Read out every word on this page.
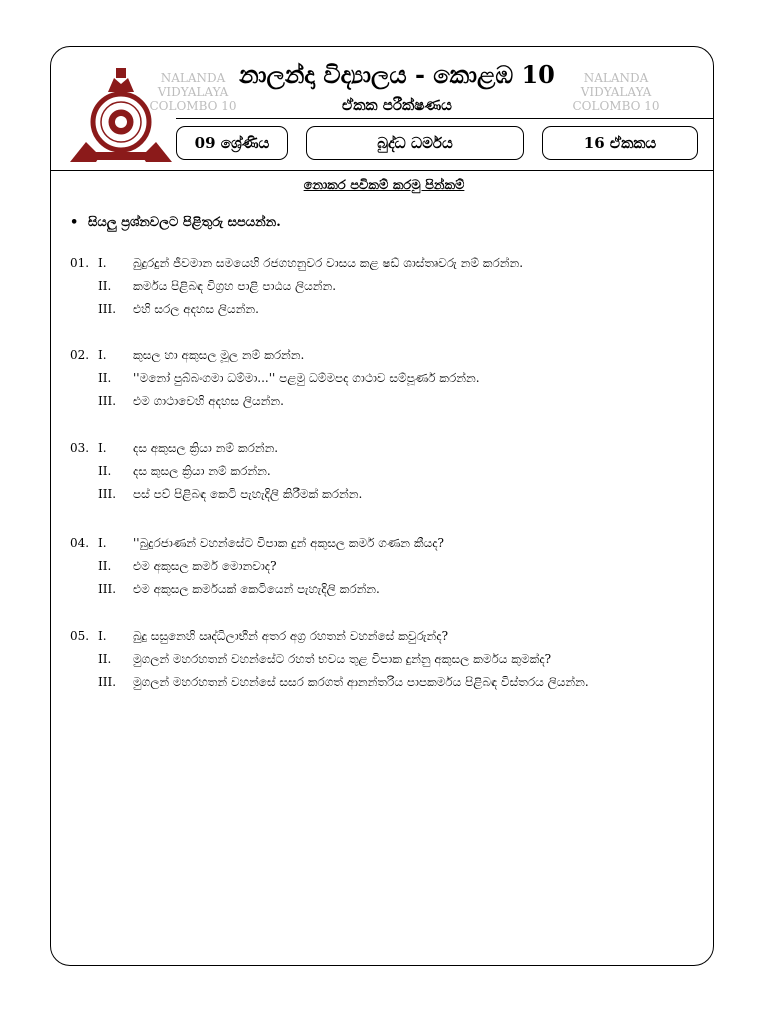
NALANDA
VIDYALAYA
COLOMBO 10
NALANDA
VIDYALAYA
COLOMBO 10
නාලන්දා විද්‍යාලය - කොළඹ 10
ඒකක පරීක්ෂණය
09 ශ්‍රේණිය	බුද්ධ ධර්මය	16 ඒකකය
නොකර පවිකම් කරමු පින්කම්
• සියලු ප්‍රශ්නවලට පිළිතුරු සපයන්න.
01. I. බුදුරදුන් ජීවමාන සමයෙහි රජගහනුවර වාසය කළ ෂඩ් ශාස්තෘවරු නම් කරන්න.
II. කර්මය පිළිබඳ විග්‍රහ පාළි පාඨය ලියන්න.
III. එහි සරල අදහස ලියන්න.
02. I. කුසල හා අකුසල මූල නම් කරන්න.
II. ''මනෝ පුබ්බංගමා ධම්මා...'' පළමු ධම්මපද ගාථාව සම්පූර්ණ කරන්න.
III. එම ගාථාවෙහි අදහස ලියන්න.
03. I. දස අකුසල ක්‍රියා නම් කරන්න.
II. දස කුසල ක්‍රියා නම් කරන්න.
III. පස් පව් පිළිබඳ කෙටි පැහැදිලි කිරීමක් කරන්න.
04. I. ''බුදුරජාණන් වහන්සේට විපාක දුන් අකුසල කර්ම ගණන කීයද?
II. එම අකුසල කර්ම මොනවාද?
III. එම අකුසල කර්මයක් කෙටියෙන් පැහැදිලි කරන්න.
05. I. බුදු සසුනෙහි ඍද්ධිලාභීන් අතර අග්‍ර රහතන් වහන්සේ කවුරුන්ද?
II. මුගලන් මහරහතන් වහන්සේට රහත් භවය තුළ විපාක දුන්නු අකුසල කර්මය කුමක්ද?
III. මුගලන් මහරහතන් වහන්සේ සසර කරගත් ආනන්තරිය පාපකර්මය පිළිබඳ විස්තරය ලියන්න.
